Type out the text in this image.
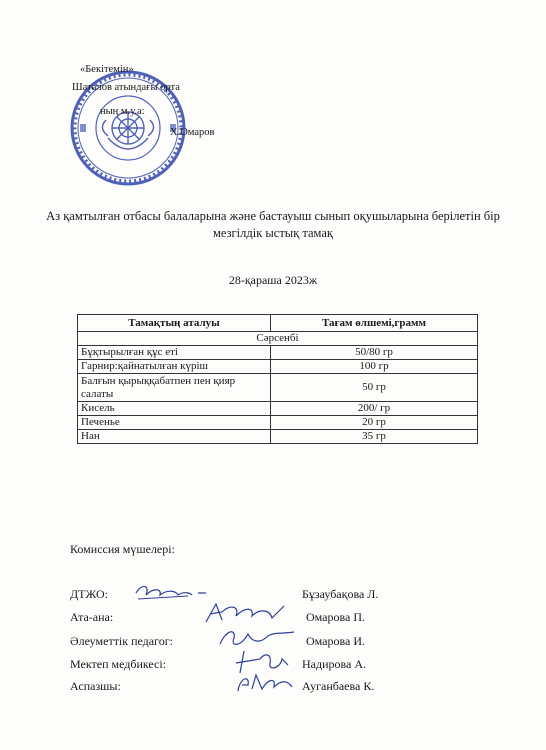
«Бекітемін»
Шаталов атындағы орта
ның м.у.а:
Х.Омаров
Аз қамтылған отбасы балаларына және бастауыш сынып оқушыларына берілетін бір мезгілдік ыстық тамақ
28-қараша 2023ж
Тамақтың аталуы	Тағам өлшемі,грамм
Сәрсенбі	
Бұқтырылған құс еті	50/80 гр
Гарнир:қайнатылған күріш	100 гр
Балғын қырыққабатпен пен қияр салаты	50 гр
Кисель	200/ гр
Печенье	20 гр
Нан	35 гр
Комиссия мүшелері:
ДТЖО:	Бұзаубақова Л.
Ата-ана:	Омарова П.
Әлеуметтік педагог:	Омарова И.
Мектеп медбикесі:	Надирова А.
Аспазшы:	Ауганбаева К.
